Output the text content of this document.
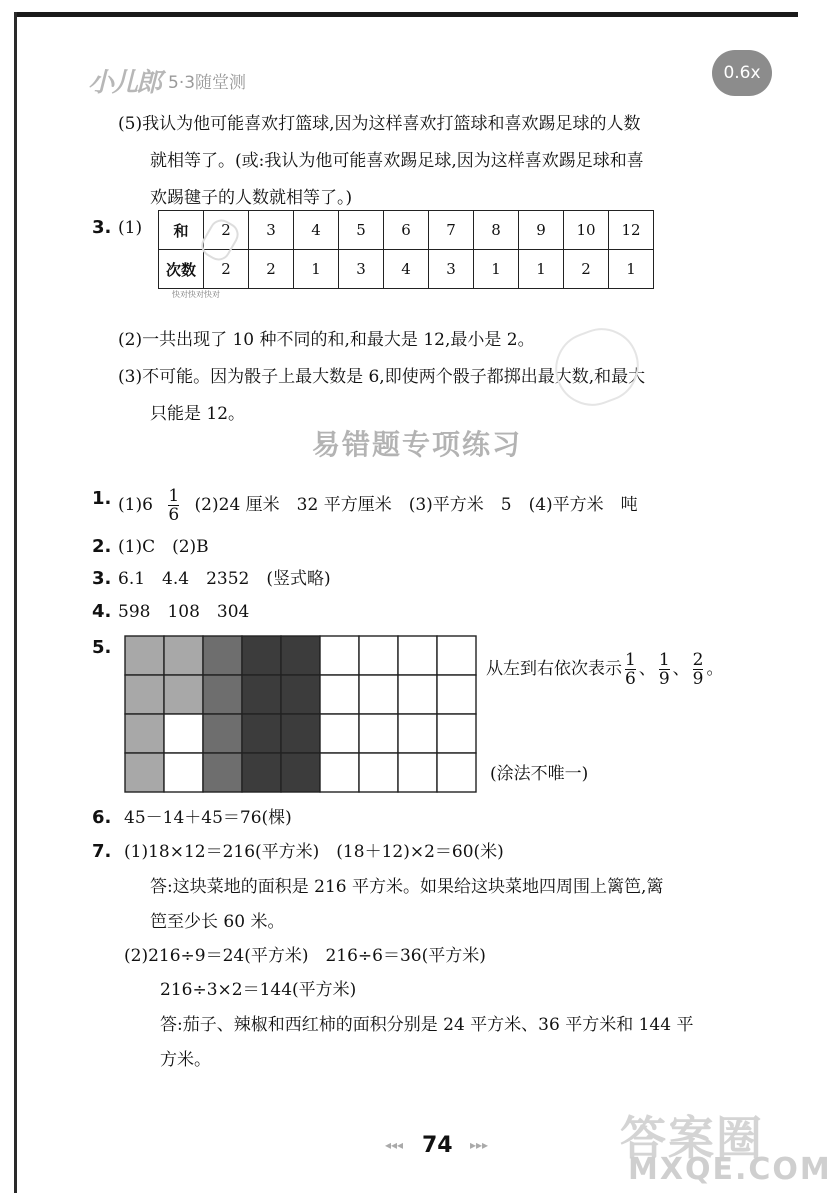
小儿郎 5·3随堂测	0.6x
(5)我认为他可能喜欢打篮球,因为这样喜欢打篮球和喜欢踢足球的人数
就相等了。(或:我认为他可能喜欢踢足球,因为这样喜欢踢足球和喜
欢踢毽子的人数就相等了。)
3. (1) 和	2	3	4	5	6	7	8	9	10	12
次数	2	2	1	3	4	3	1	1	2	1
快对快对快对
(2)一共出现了 10 种不同的和,和最大是 12,最小是 2。
(3)不可能。因为骰子上最大数是 6,即使两个骰子都掷出最大数,和最大
只能是 12。
易错题专项练习
1. $(1)6 \frac{1}{6} (2)24$ 厘米　32 平方厘米　(3)平方米　5　(4)平方米　吨
2. (1)C　(2)B
3. 6.1　4.4　2352　(竖式略)
4. 598　108　304
5.
从左到右依次表示 $\frac{1}{6}$ 、 $\frac{1}{9}$ 、 $\frac{2}{9}$ 。
(涂法不唯一)
6. 45－14＋45＝76(棵)
7. (1)18×12＝216(平方米)　(18＋12)×2＝60(米)
答:这块菜地的面积是 216 平方米。如果给这块菜地四周围上篱笆,篱
笆至少长 60 米。
(2)216÷9＝24(平方米)　216÷6＝36(平方米)
216÷3×2＝144(平方米)
答:茄子、辣椒和西红柿的面积分别是 24 平方米、36 平方米和 144 平
方米。
◂◂◂ 74 ▸▸▸	答案圈
MXQE.COM
